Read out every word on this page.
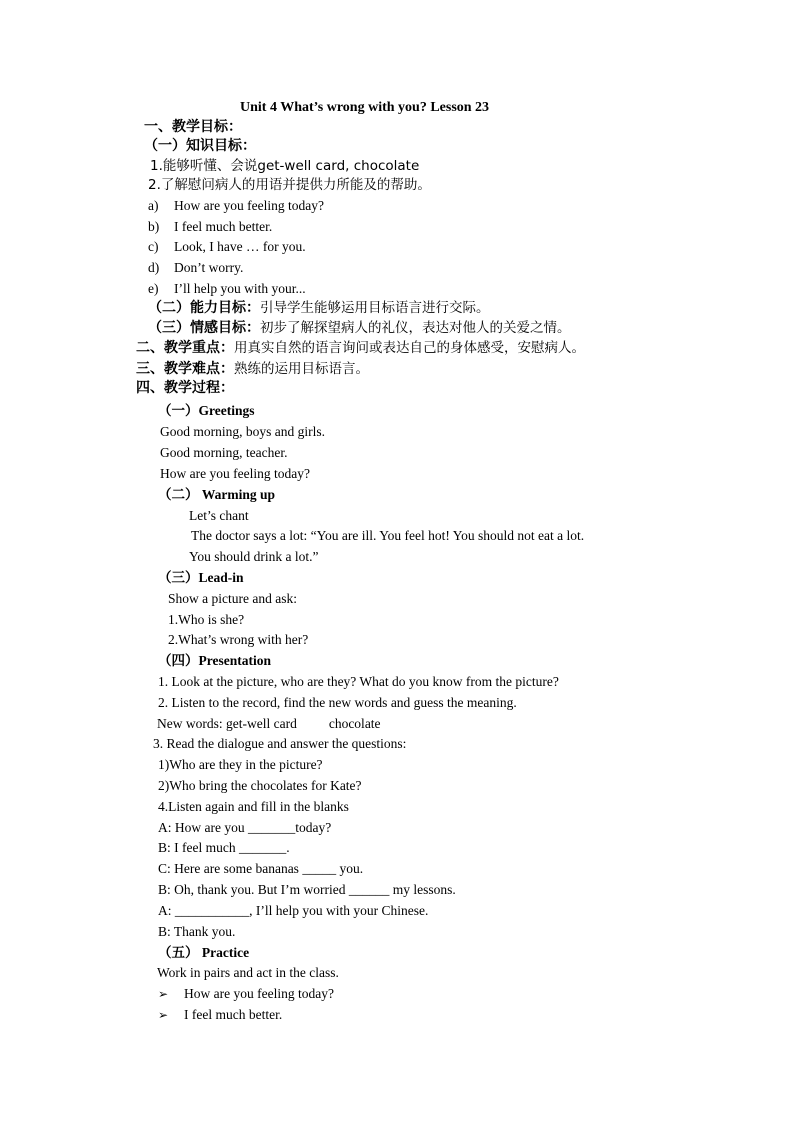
Unit 4 What’s wrong with you? Lesson 23
一、教学目标：
（一）知识目标：
1.能够听懂、会说get-well card, chocolate
2.了解慰问病人的用语并提供力所能及的帮助。
a) How are you feeling today?
b) I feel much better.
c) Look, I have … for you.
d) Don’t worry.
e) I’ll help you with your...
（二）能力目标：引导学生能够运用目标语言进行交际。
（三）情感目标：初步了解探望病人的礼仪，表达对他人的关爱之情。
二、教学重点：用真实自然的语言询问或表达自己的身体感受，安慰病人。
三、教学难点：熟练的运用目标语言。
四、教学过程：
（一）Greetings
Good morning, boys and girls.
Good morning, teacher.
How are you feeling today?
（二） Warming up
Let’s chant
The doctor says a lot: “You are ill. You feel hot! You should not eat a lot.
You should drink a lot.”
（三）Lead-in
Show a picture and ask:
1.Who is she?
2.What’s wrong with her?
（四）Presentation
1. Look at the picture, who are they? What do you know from the picture?
2. Listen to the record, find the new words and guess the meaning.
New words: get-well card chocolate
3. Read the dialogue and answer the questions:
1)Who are they in the picture?
2)Who bring the chocolates for Kate?
4.Listen again and fill in the blanks
A: How are you _______today?
B: I feel much _______.
C: Here are some bananas _____ you.
B: Oh, thank you. But I’m worried ______ my lessons.
A: ___________, I’ll help you with your Chinese.
B: Thank you.
（五） Practice
Work in pairs and act in the class.
➢ How are you feeling today?
➢ I feel much better.
